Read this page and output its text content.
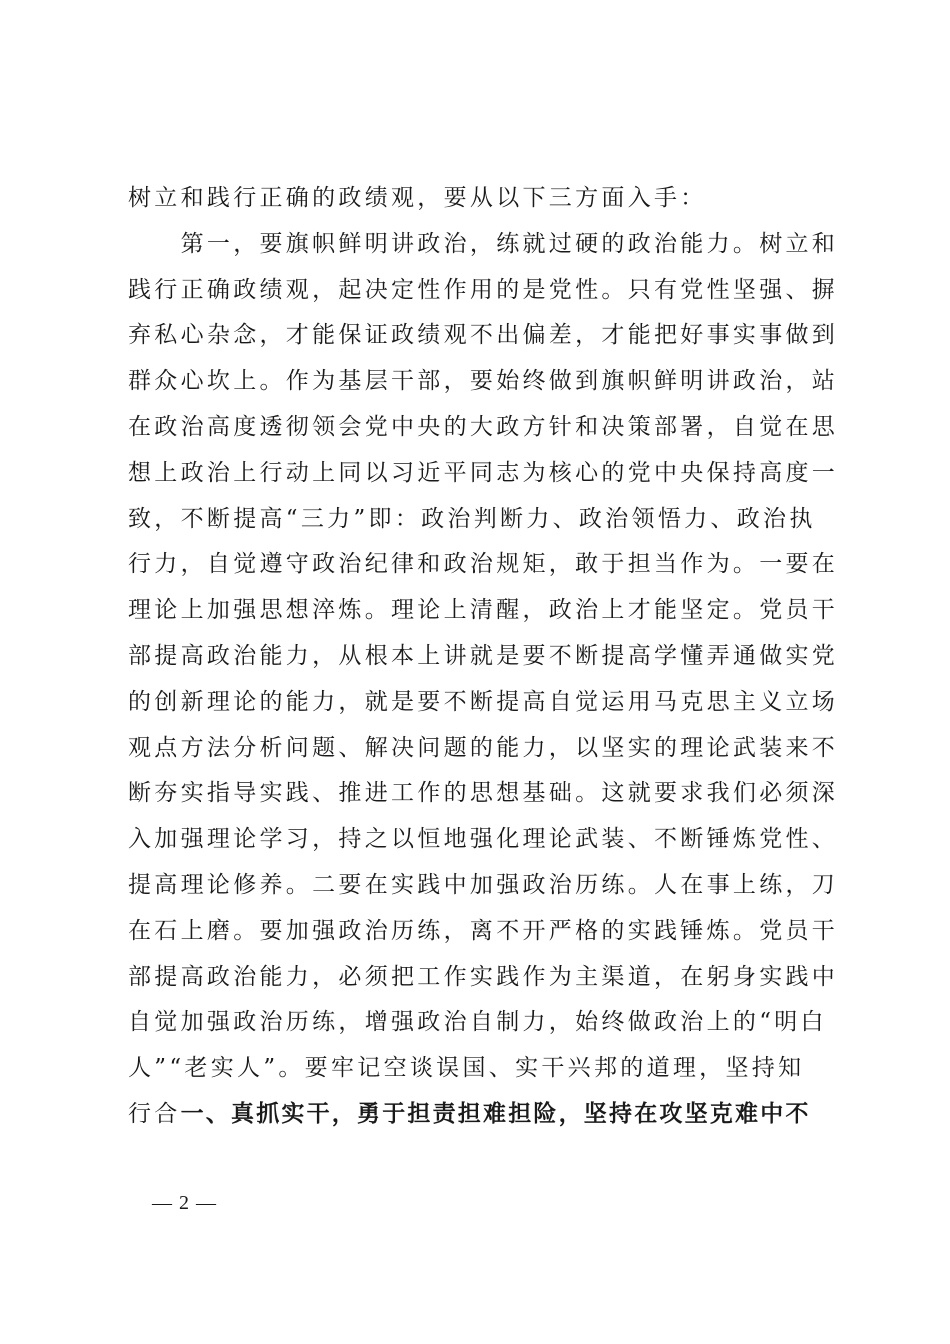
树立和践行正确的政绩观，要从以下三方面入手：
　　第一，要旗帜鲜明讲政治，练就过硬的政治能力。树立和
践行正确政绩观，起决定性作用的是党性。只有党性坚强、摒
弃私心杂念，才能保证政绩观不出偏差，才能把好事实事做到
群众心坎上。作为基层干部，要始终做到旗帜鲜明讲政治，站
在政治高度透彻领会党中央的大政方针和决策部署，自觉在思
想上政治上行动上同以习近平同志为核心的党中央保持高度一
致，不断提高“三力”即：政治判断力、政治领悟力、政治执
行力，自觉遵守政治纪律和政治规矩，敢于担当作为。一要在
理论上加强思想淬炼。理论上清醒，政治上才能坚定。党员干
部提高政治能力，从根本上讲就是要不断提高学懂弄通做实党
的创新理论的能力，就是要不断提高自觉运用马克思主义立场
观点方法分析问题、解决问题的能力，以坚实的理论武装来不
断夯实指导实践、推进工作的思想基础。这就要求我们必须深
入加强理论学习，持之以恒地强化理论武装、不断锤炼党性、
提高理论修养。二要在实践中加强政治历练。人在事上练，刀
在石上磨。要加强政治历练，离不开严格的实践锤炼。党员干
部提高政治能力，必须把工作实践作为主渠道，在躬身实践中
自觉加强政治历练，增强政治自制力，始终做政治上的“明白
人”“老实人”。要牢记空谈误国、实干兴邦的道理，坚持知
行合一、真抓实干，勇于担责担难担险，坚持在攻坚克难中不
— 2 —
